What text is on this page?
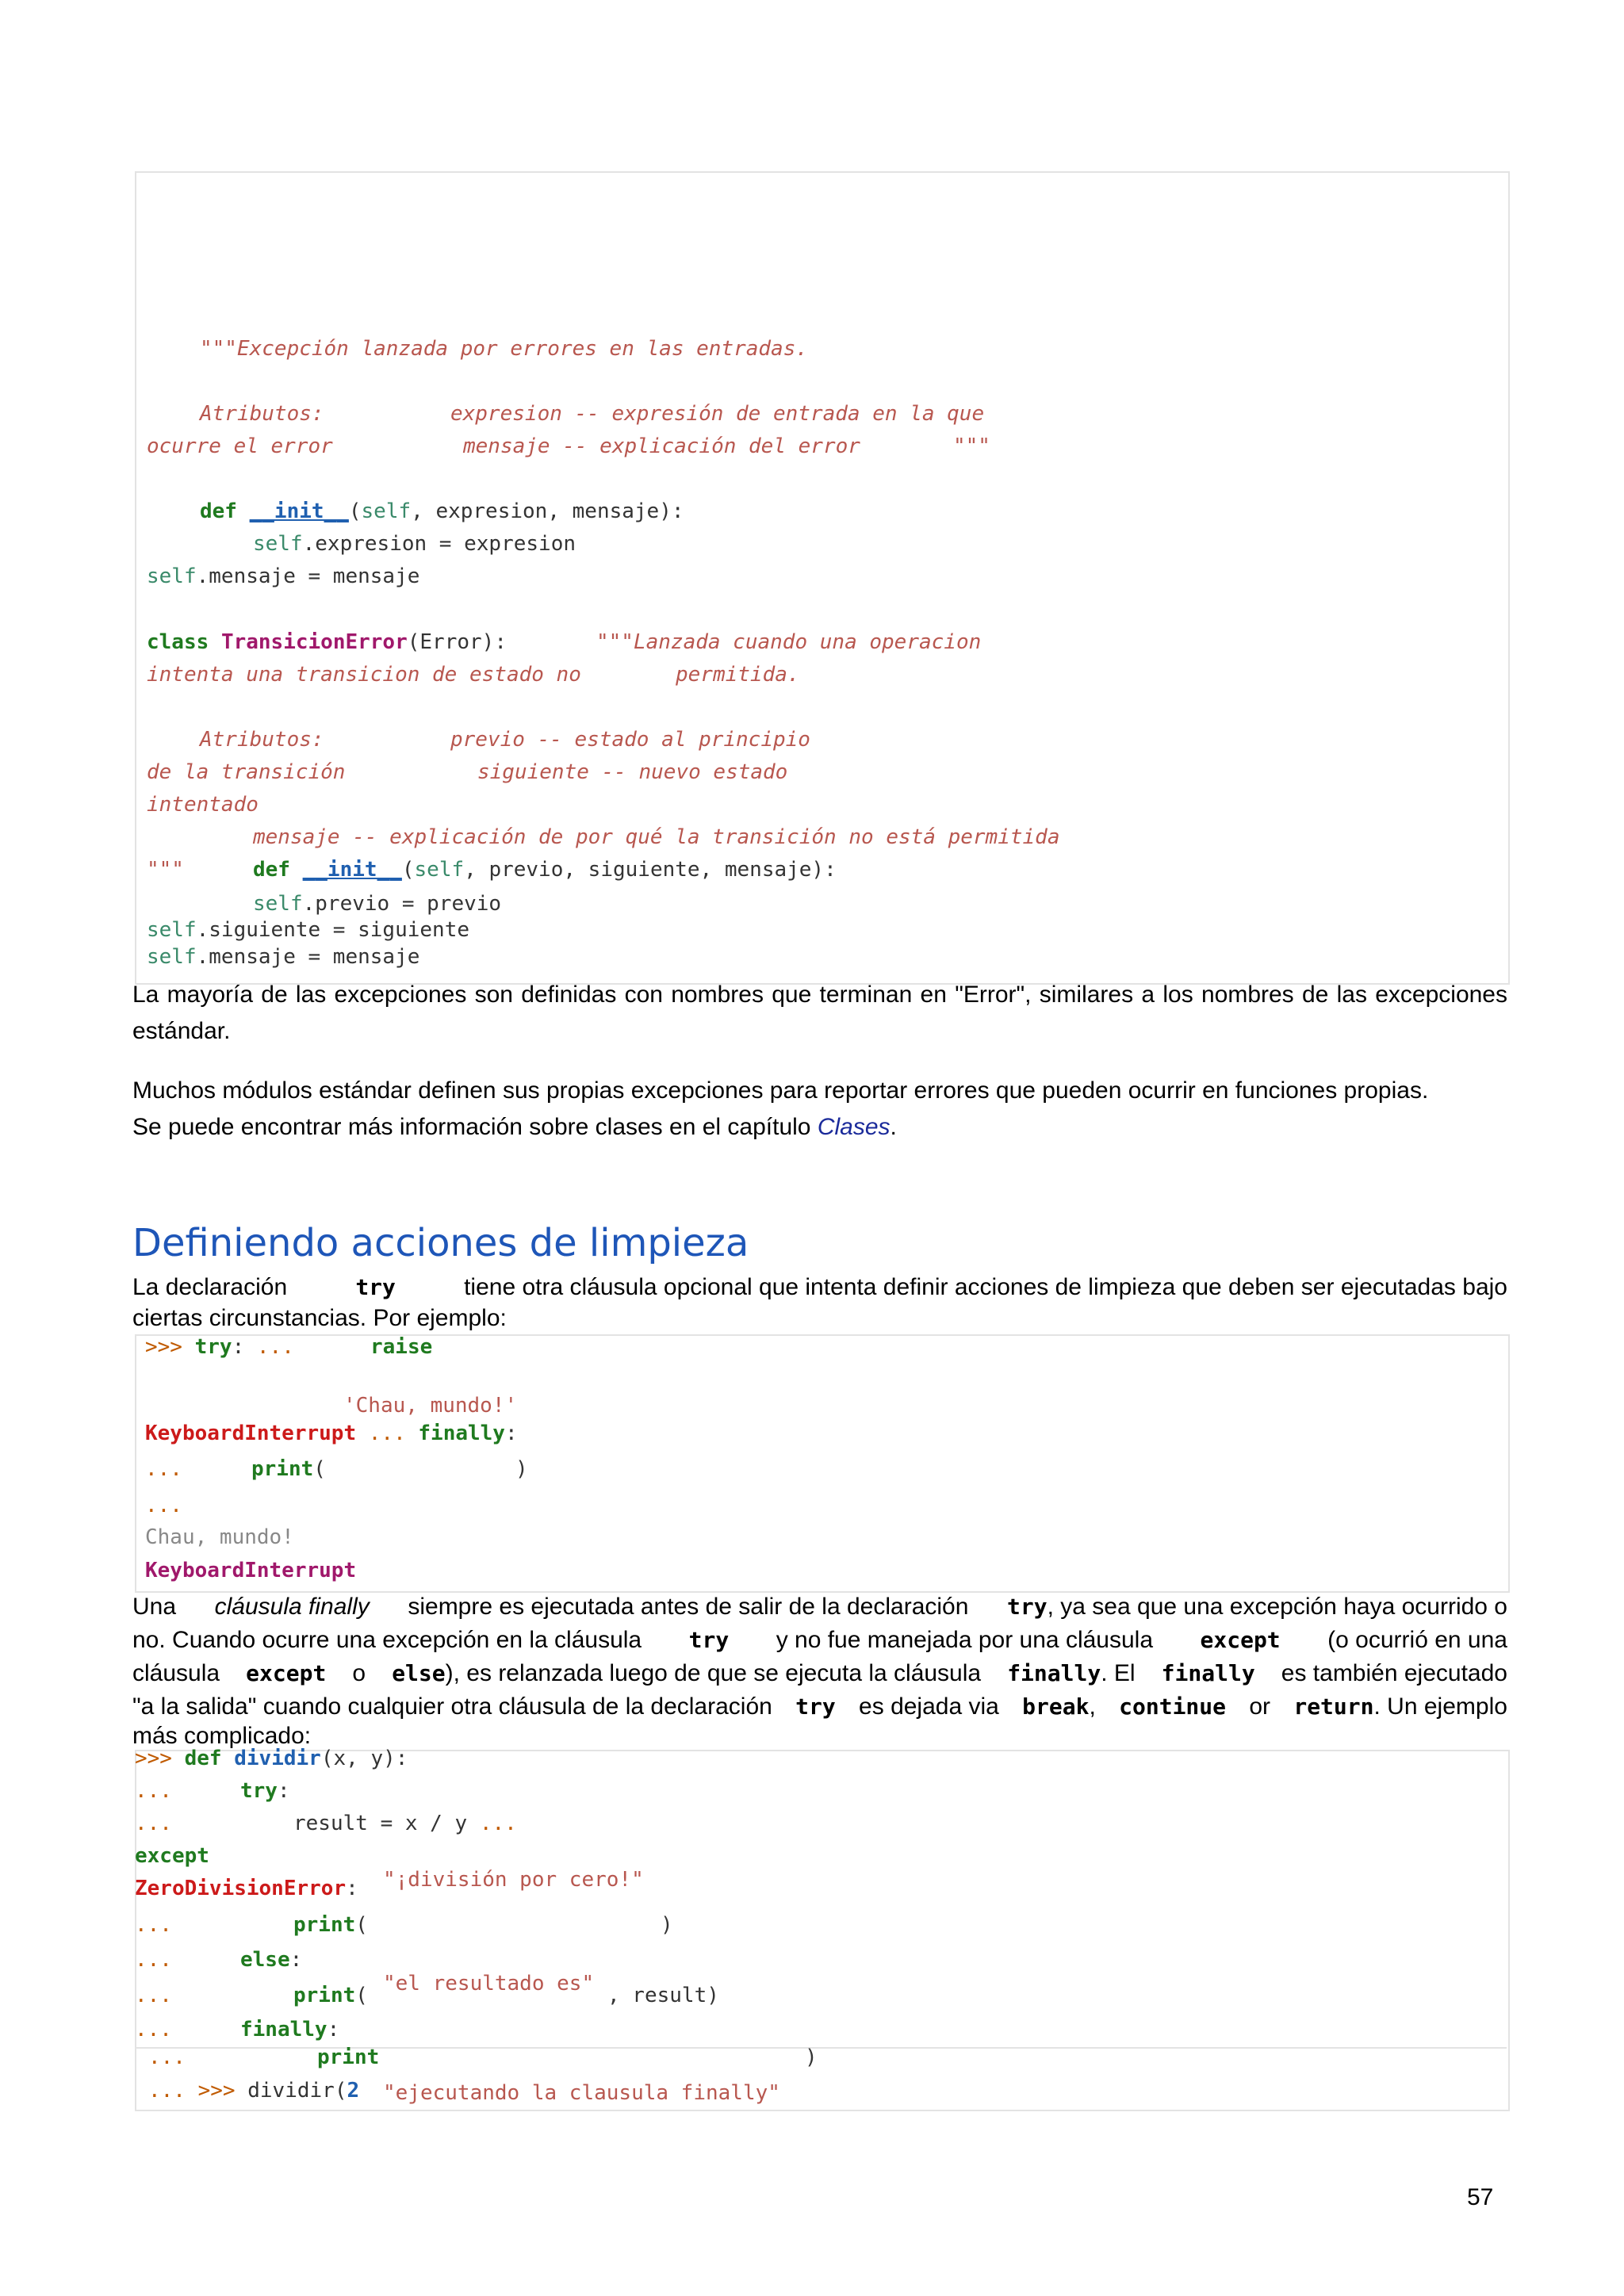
"""Excepción lanzada por errores en las entradas.
Atributos:	expresion -- expresión de entrada en la que
ocurre el error	mensaje -- explicación del error	"""
def __init__(self, expresion, mensaje):
self.expresion = expresion
self.mensaje = mensaje
class TransicionError(Error):	"""Lanzada cuando una operacion
intenta una transicion de estado no	permitida.
Atributos:	previo -- estado al principio
de la transición	siguiente -- nuevo estado
intentado
mensaje -- explicación de por qué la transición no está permitida
"""	def __init__(self, previo, siguiente, mensaje):
self.previo = previo
self.siguiente = siguiente
self.mensaje = mensaje
La mayoría de las excepciones son definidas con nombres que terminan en "Error", similares a los nombres de las excepciones estándar.
Muchos módulos estándar definen sus propias excepciones para reportar errores que pueden ocurrir en funciones propias.
Se puede encontrar más información sobre clases en el capítulo Clases.
Definiendo acciones de limpieza
La declaración	try	tiene otra cláusula opcional que intenta definir acciones de limpieza que deben ser ejecutadas bajo
ciertas circunstancias. Por ejemplo:
>>> try: ...	raise
'Chau, mundo!'
KeyboardInterrupt ... finally:
...	print(	)
...
Chau, mundo!
KeyboardInterrupt
Una cláusula finally siempre es ejecutada antes de salir de la declaración try, ya sea que una excepción haya ocurrido o
no. Cuando ocurre una excepción en la cláusula try y no fue manejada por una cláusula except (o ocurrió en una
cláusula except o else), es relanzada luego de que se ejecuta la cláusula finally. El finally es también ejecutado
"a la salida" cuando cualquier otra cláusula de la declaración try es dejada via break, continue or return. Un ejemplo
más complicado:
>>> def dividir(x, y):
...	try:
...	result = x / y ...
except
ZeroDivisionError: "¡división por cero!"
...	print(	)
...	else:
"el resultado es"
...	print(	, result)
...	finally:
...	print	)
... >>> dividir(2 "ejecutando la clausula finally"
57
